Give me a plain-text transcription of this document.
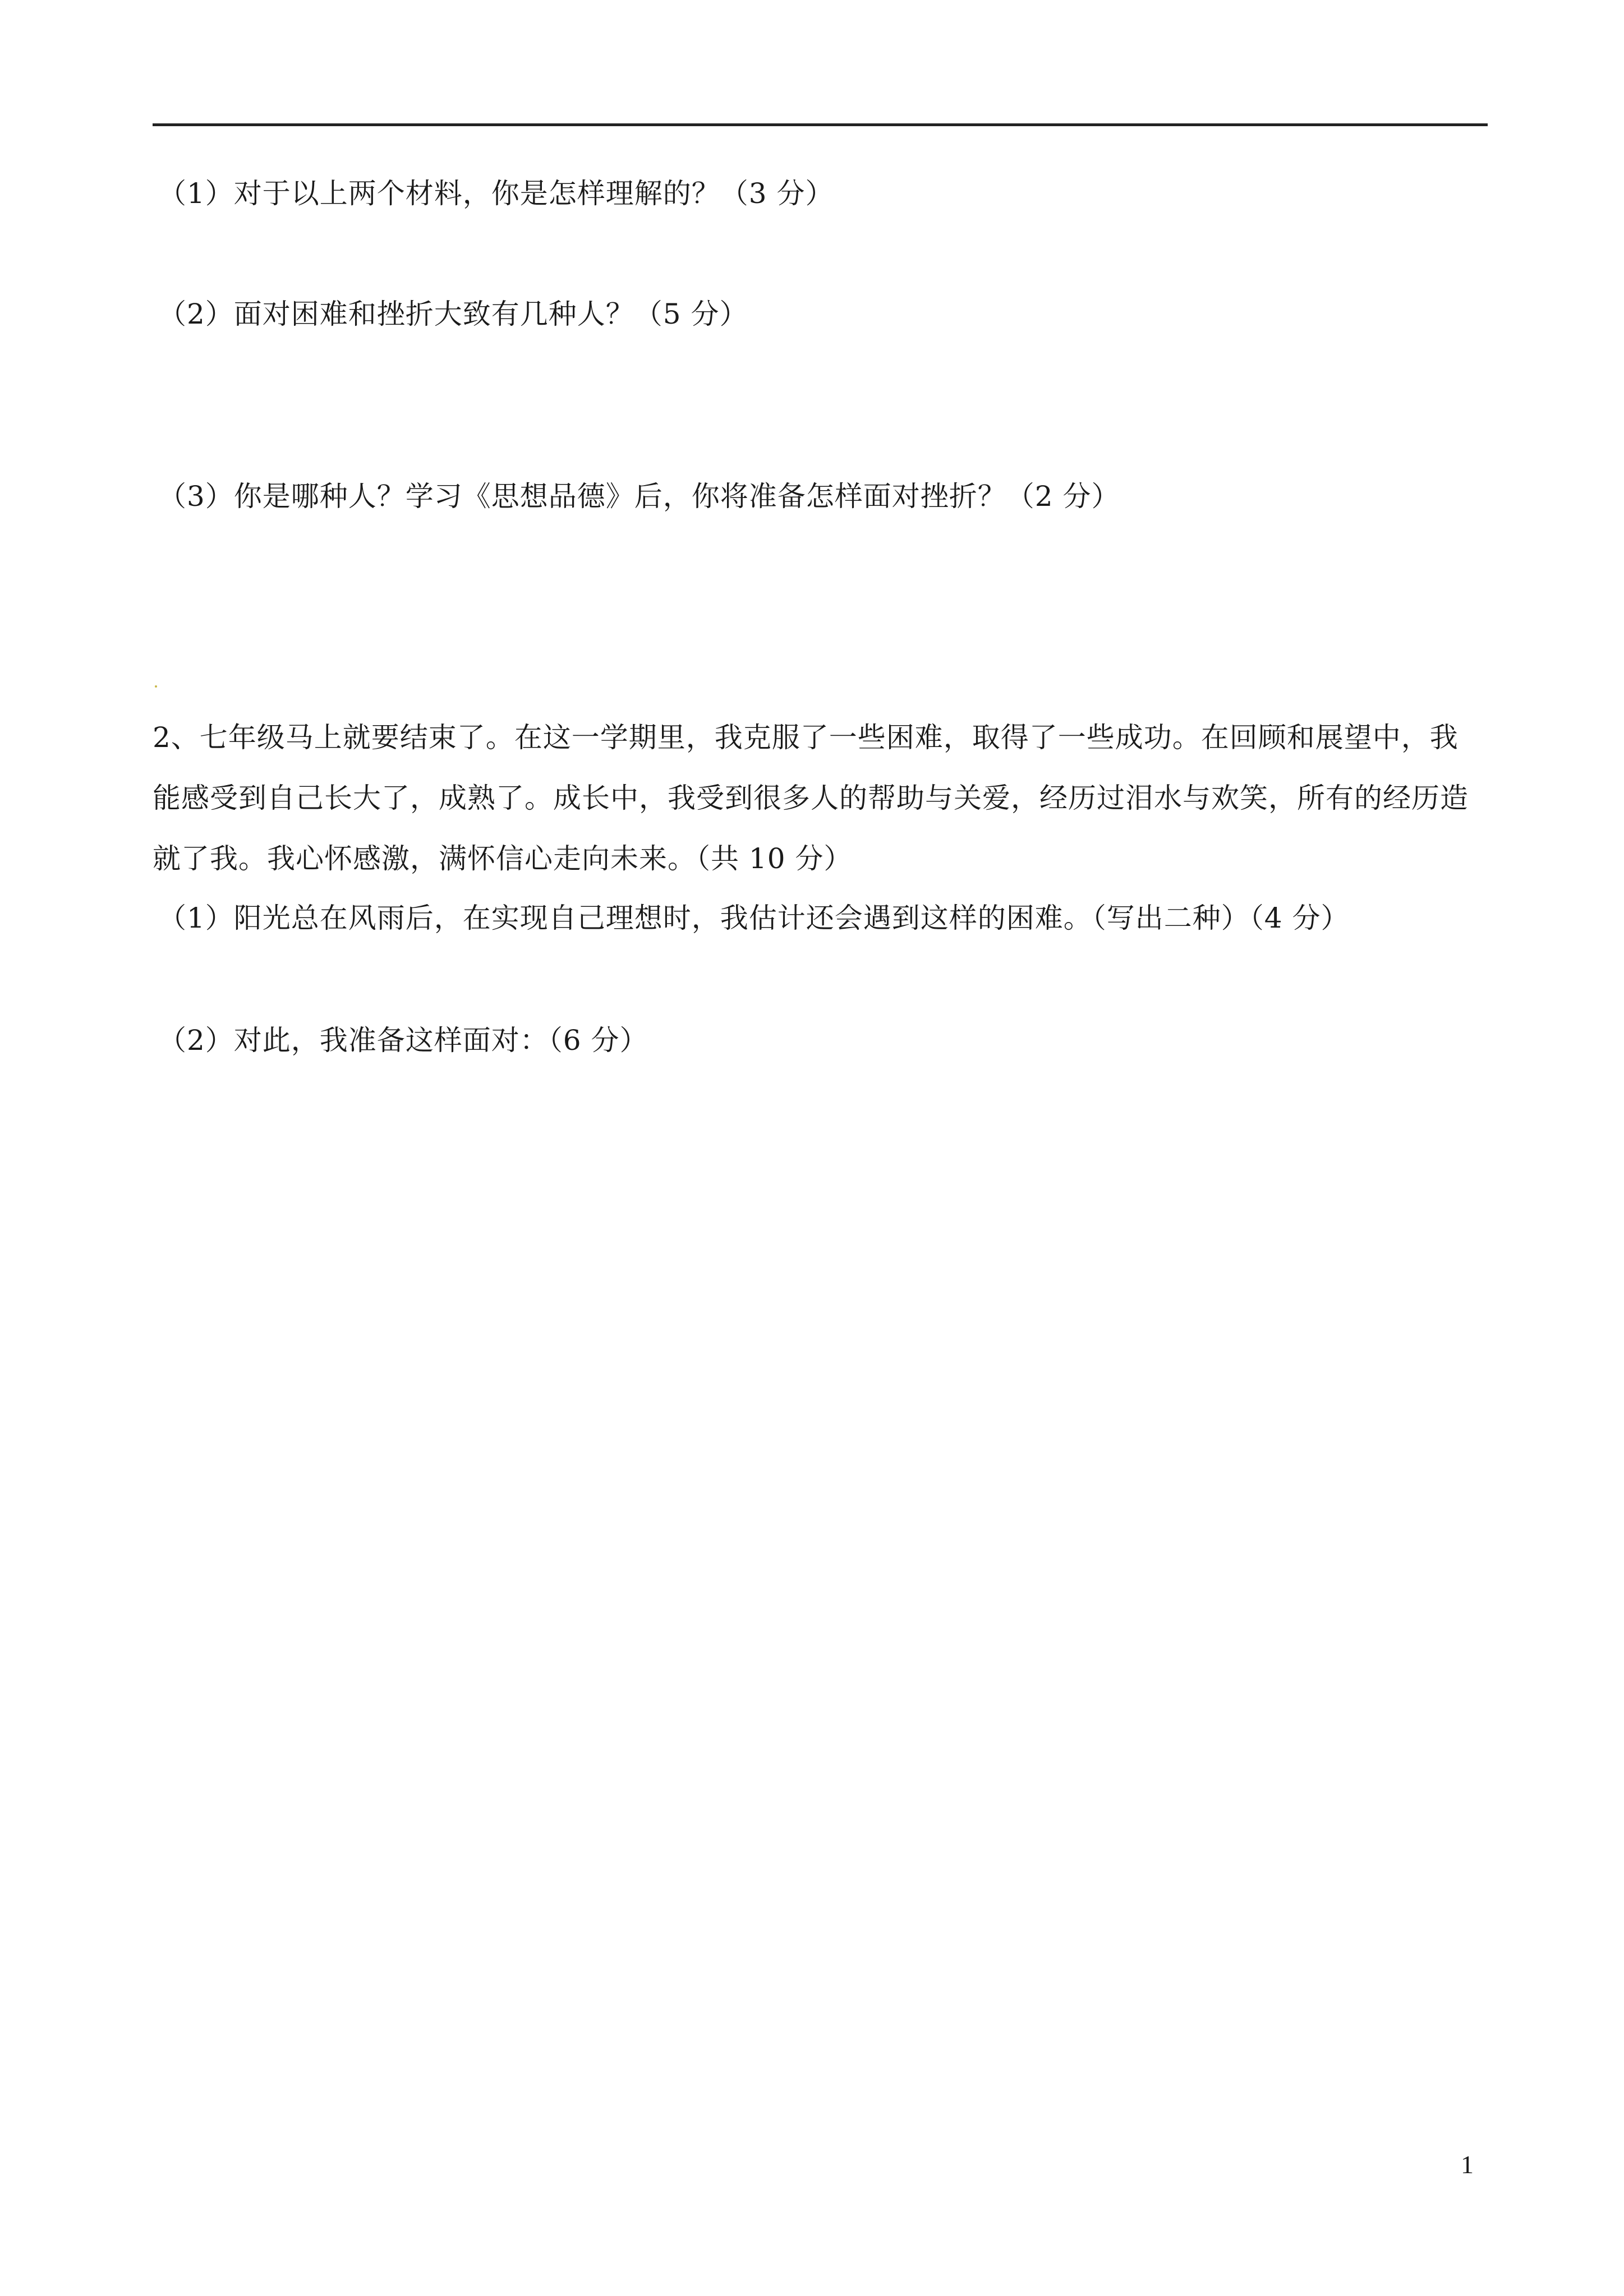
（1）对于以上两个材料，你是怎样理解的？（3 分）
（2）面对困难和挫折大致有几种人？（5 分）
（3）你是哪种人？学习《思想品德》后，你将准备怎样面对挫折？（2 分）
2、七年级马上就要结束了。在这一学期里，我克服了一些困难，取得了一些成功。在回顾和展望中，我
能感受到自己长大了，成熟了。成长中，我受到很多人的帮助与关爱，经历过泪水与欢笑，所有的经历造
就了我。我心怀感激，满怀信心走向未来。（共 10 分）
（1）阳光总在风雨后，在实现自己理想时，我估计还会遇到这样的困难。（写出二种）（4 分）
（2）对此，我准备这样面对：（6 分）
1
